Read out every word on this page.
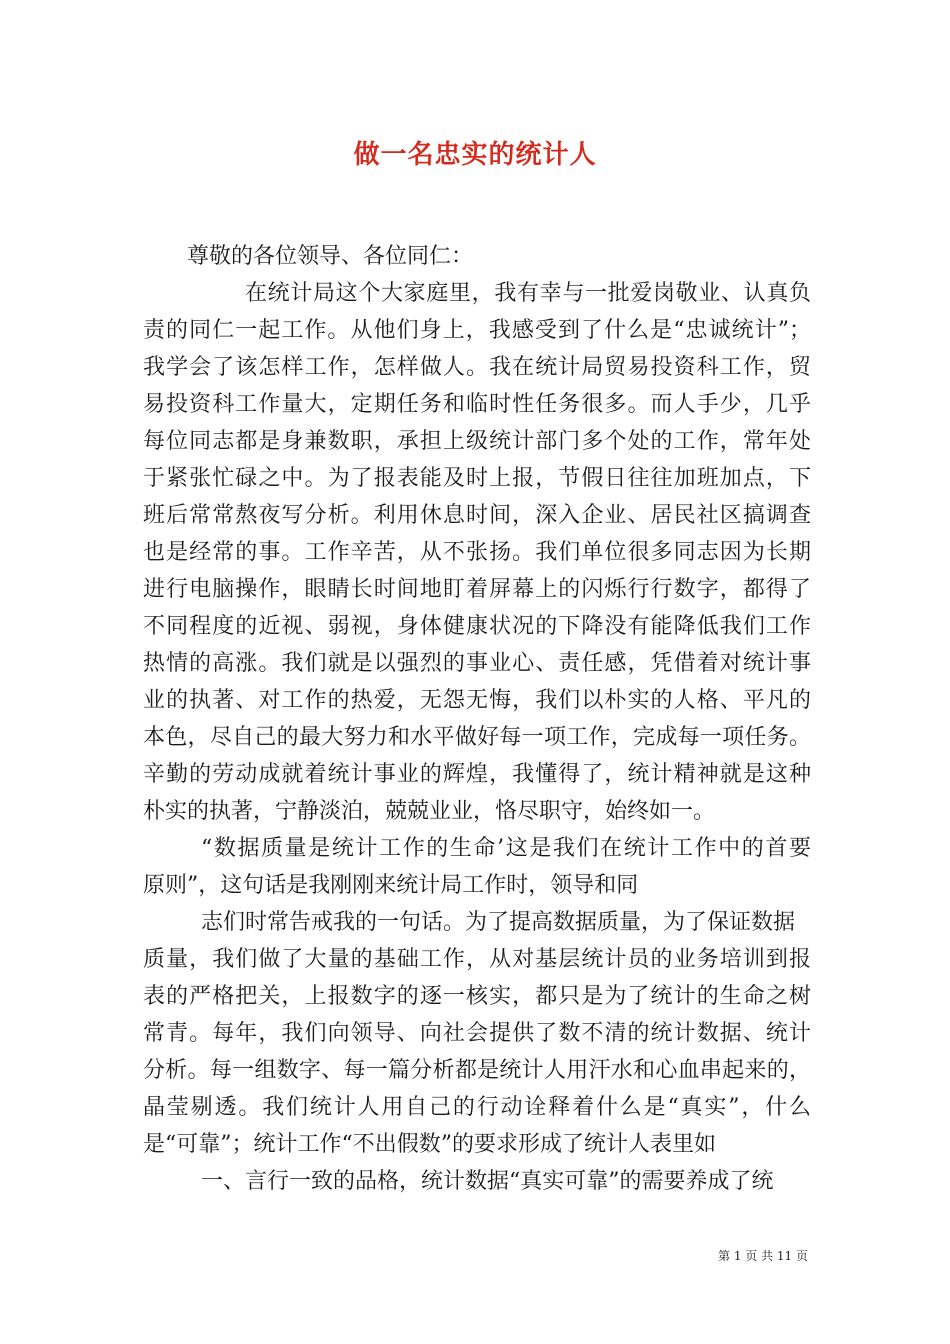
做一名忠实的统计人
尊敬的各位领导、各位同仁：
在统计局这个大家庭里，我有幸与一批爱岗敬业、认真负
责的同仁一起工作。从他们身上，我感受到了什么是“忠诚统计”；
我学会了该怎样工作，怎样做人。我在统计局贸易投资科工作，贸
易投资科工作量大，定期任务和临时性任务很多。而人手少，几乎
每位同志都是身兼数职，承担上级统计部门多个处的工作，常年处
于紧张忙碌之中。为了报表能及时上报，节假日往往加班加点，下
班后常常熬夜写分析。利用休息时间，深入企业、居民社区搞调查
也是经常的事。工作辛苦，从不张扬。我们单位很多同志因为长期
进行电脑操作，眼睛长时间地盯着屏幕上的闪烁行行数字，都得了
不同程度的近视、弱视，身体健康状况的下降没有能降低我们工作
热情的高涨。我们就是以强烈的事业心、责任感，凭借着对统计事
业的执著、对工作的热爱，无怨无悔，我们以朴实的人格、平凡的
本色，尽自己的最大努力和水平做好每一项工作，完成每一项任务。
辛勤的劳动成就着统计事业的辉煌，我懂得了，统计精神就是这种
朴实的执著，宁静淡泊，兢兢业业，恪尽职守，始终如一。
“数据质量是统计工作的生命’这是我们在统计工作中的首要
原则”，这句话是我刚刚来统计局工作时，领导和同
志们时常告戒我的一句话。为了提高数据质量，为了保证数据
质量，我们做了大量的基础工作，从对基层统计员的业务培训到报
表的严格把关，上报数字的逐一核实，都只是为了统计的生命之树
常青。每年，我们向领导、向社会提供了数不清的统计数据、统计
分析。每一组数字、每一篇分析都是统计人用汗水和心血串起来的，
晶莹剔透。我们统计人用自己的行动诠释着什么是“真实”，什么
是“可靠”；统计工作“不出假数”的要求形成了统计人表里如
一、言行一致的品格，统计数据“真实可靠”的需要养成了统
第 1 页 共 11 页
